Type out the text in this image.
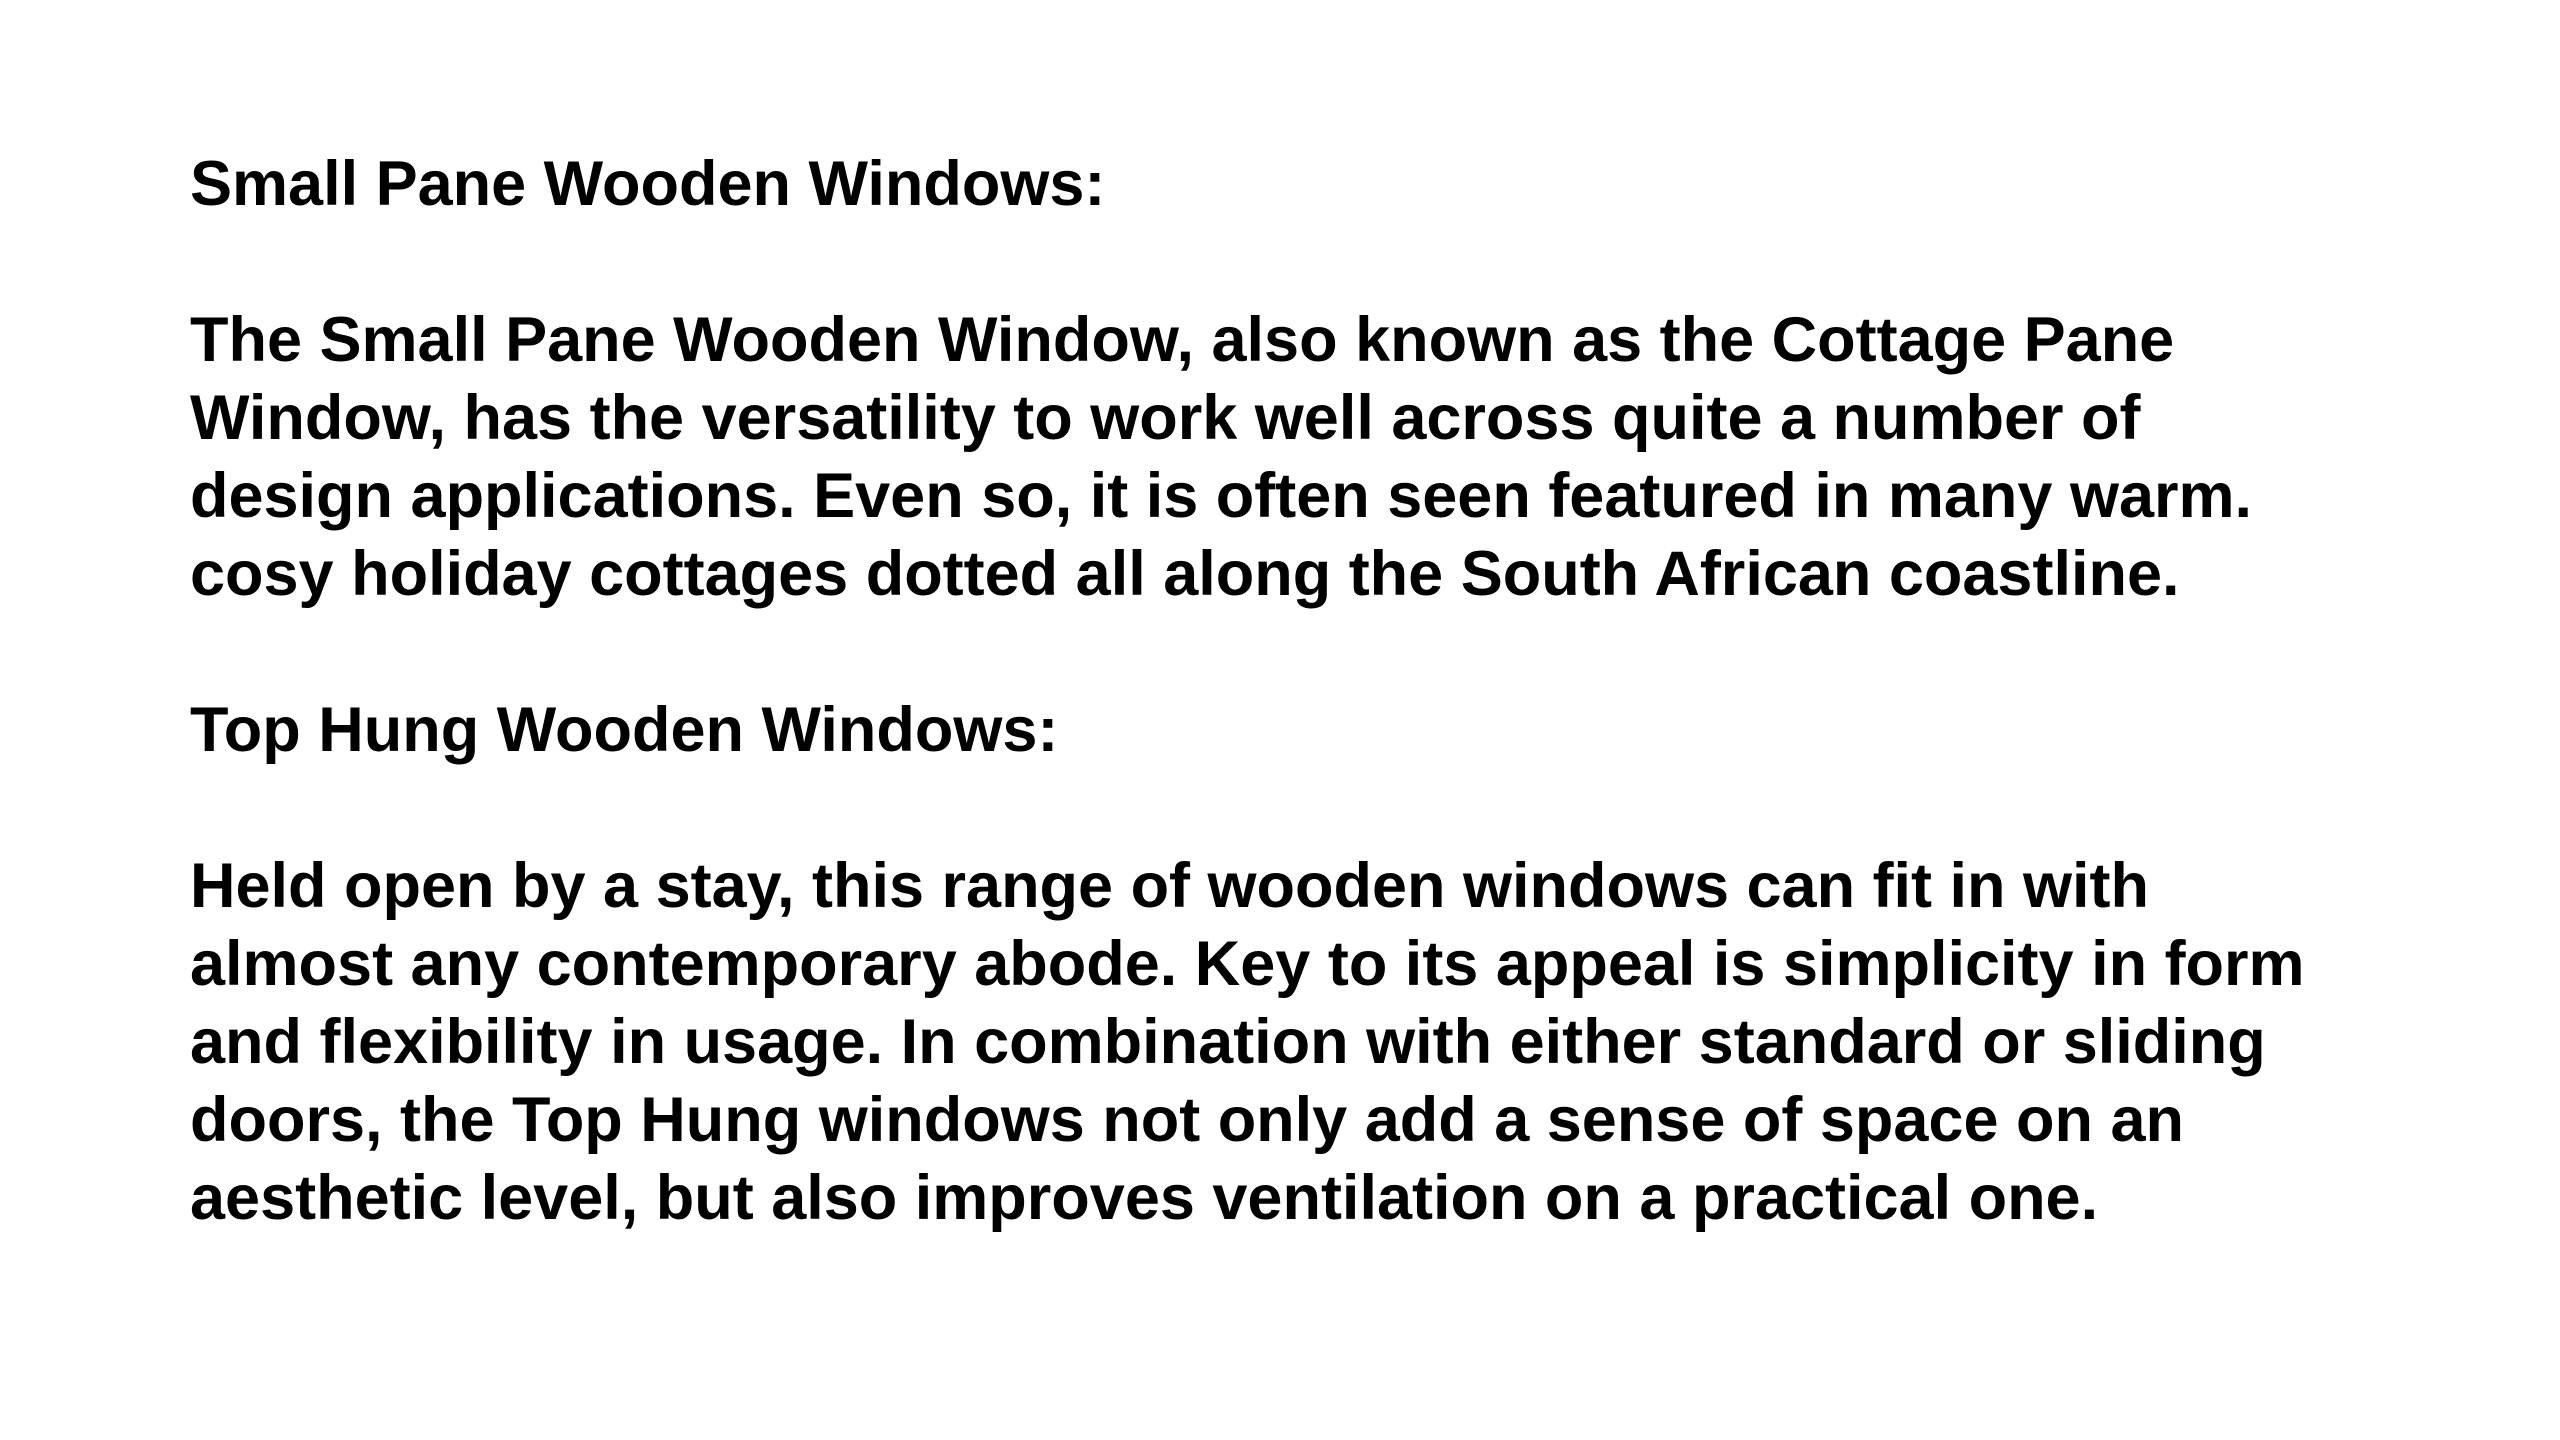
Small Pane Wooden Windows:

The Small Pane Wooden Window, also known as the Cottage Pane
Window, has the versatility to work well across quite a number of
design applications. Even so, it is often seen featured in many warm.
cosy holiday cottages dotted all along the South African coastline.

Top Hung Wooden Windows:

Held open by a stay, this range of wooden windows can fit in with
almost any contemporary abode. Key to its appeal is simplicity in form
and flexibility in usage. In combination with either standard or sliding
doors, the Top Hung windows not only add a sense of space on an
aesthetic level, but also improves ventilation on a practical one.
